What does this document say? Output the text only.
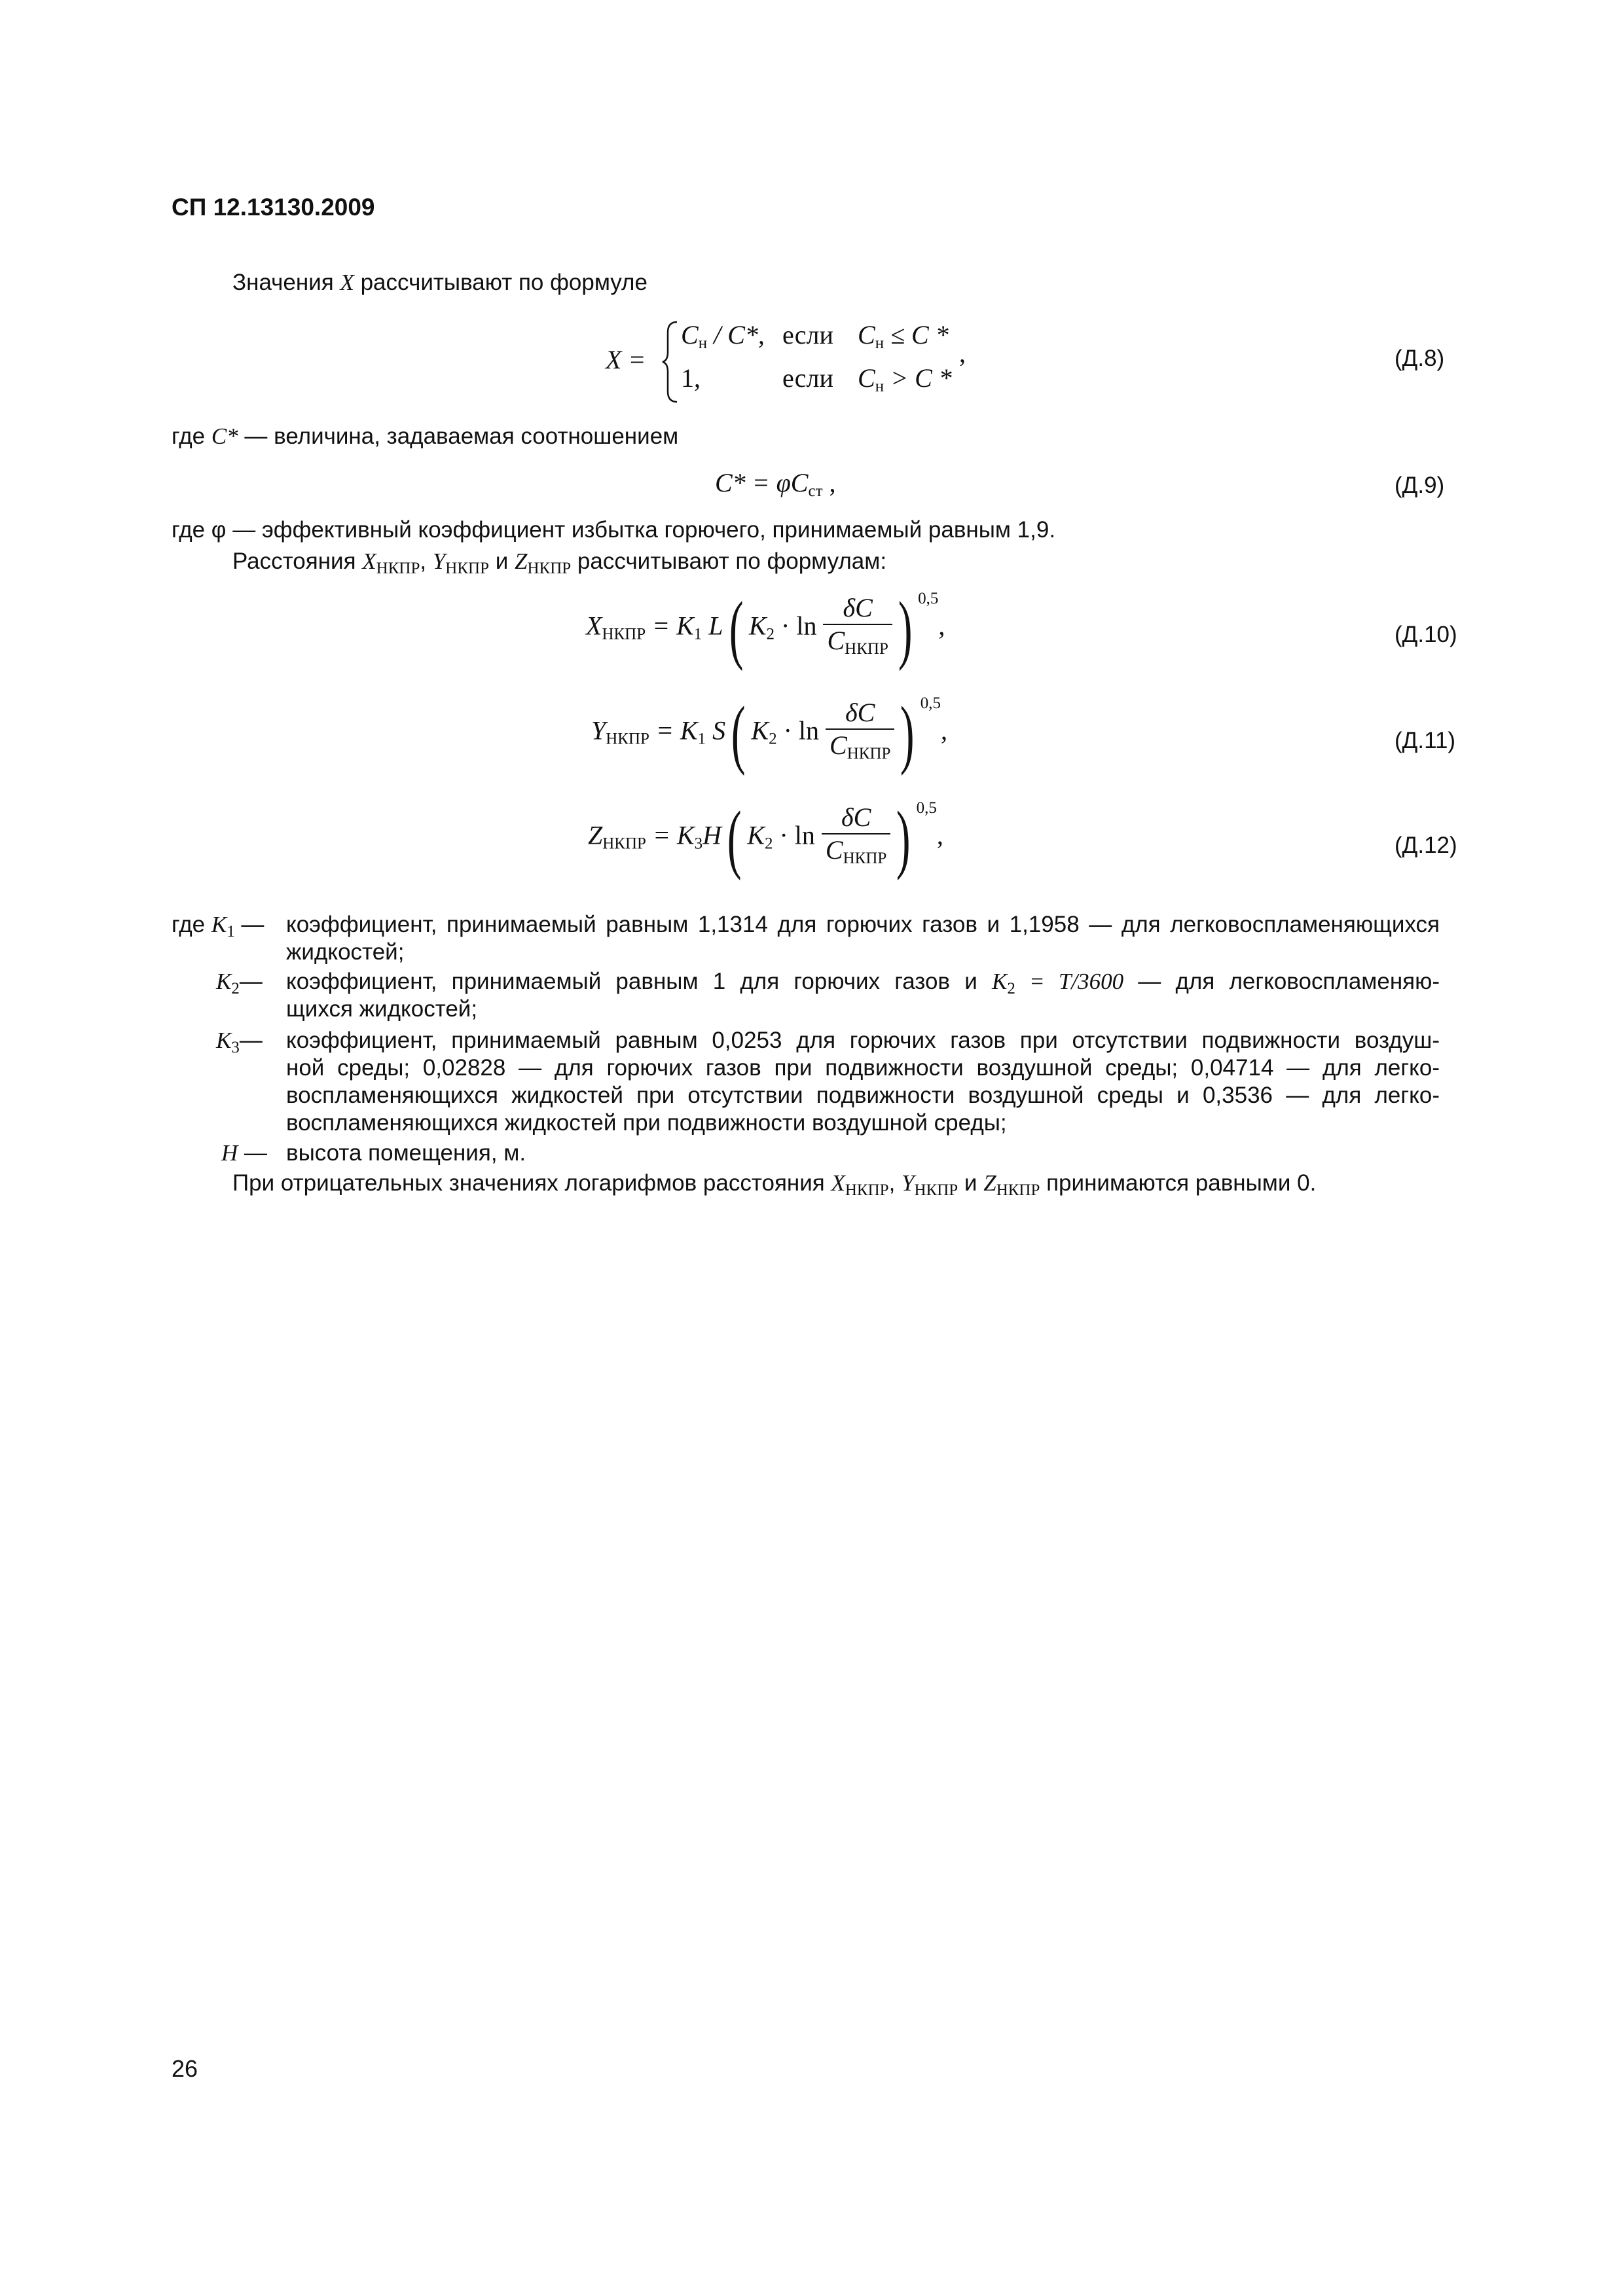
СП 12.13130.2009
Значения X рассчитывают по формуле
X =
$C_н / C*$, если $C_н \le C$ *
1,	если $C_н > C$ *
,	(Д.8)
где C* — величина, задаваемая соотношением
$C* = \varphi C_{ст}$ ,	(Д.9)
где φ — эффективный коэффициент избытка горючего, принимаемый равным 1,9.
Расстояния $X_{НКПР}$, $Y_{НКПР}$ и $Z_{НКПР}$ рассчитывают по формулам:
$X_{НКПР} = K_1$ L( $K_2 \cdot \ln \frac{\delta C}{C_{НКПР}}$ ) $^{0,5}$,	(Д.10)
$Y_{НКПР} = K_1$ S( $K_2 \cdot \ln \frac{\delta C}{C_{НКПР}}$ ) $^{0,5}$,	(Д.11)
$Z_{НКПР} = K_3H$( $K_2 \cdot \ln \frac{\delta C}{C_{НКПР}}$ ) $^{0,5}$,	(Д.12)
где $K_1$ — коэффициент, принимаемый равным 1,1314 для горючих газов и 1,1958 — для легковоспламеняющихся
жидкостей;
$K_2—$ коэффициент, принимаемый равным 1 для горючих газов и $K_2 = T/3600$ — для легковоспламеняю-
щихся жидкостей;
$K_3—$ коэффициент, принимаемый равным 0,0253 для горючих газов при отсутствии подвижности воздуш-
ной среды; 0,02828 — для горючих газов при подвижности воздушной среды; 0,04714 — для легко-
воспламеняющихся жидкостей при отсутствии подвижности воздушной среды и 0,3536 — для легко-
воспламеняющихся жидкостей при подвижности воздушной среды;
H — высота помещения, м.
При отрицательных значениях логарифмов расстояния $X_{НКПР}$, $Y_{НКПР}$ и $Z_{НКПР}$ принимаются равными 0.
26
